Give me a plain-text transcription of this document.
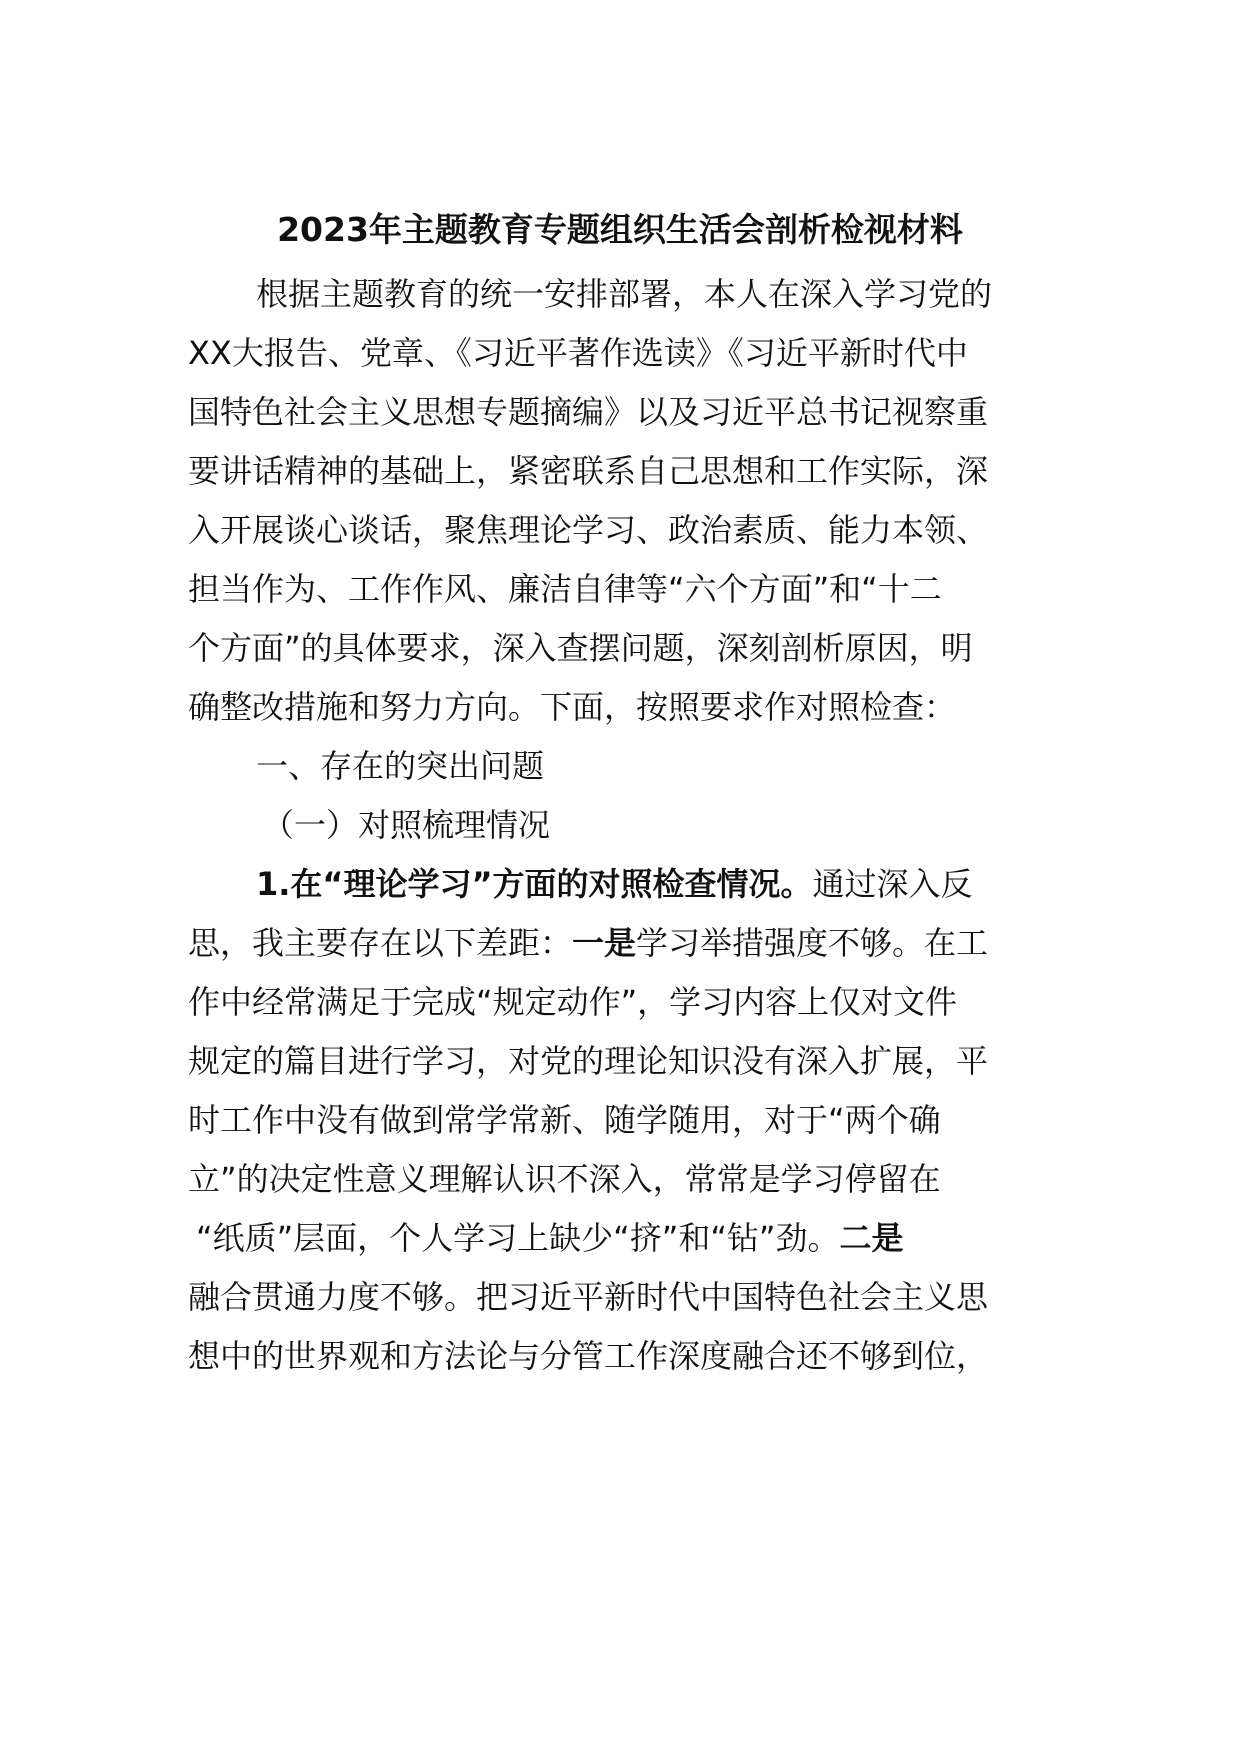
2023年主题教育专题组织生活会剖析检视材料
根据主题教育的统一安排部署，本人在深入学习党的
XX大报告、党章、《习近平著作选读》《习近平新时代中
国特色社会主义思想专题摘编》以及习近平总书记视察重
要讲话精神的基础上，紧密联系自己思想和工作实际，深
入开展谈心谈话，聚焦理论学习、政治素质、能力本领、
担当作为、工作作风、廉洁自律等“六个方面”和“十二
个方面”的具体要求，深入查摆问题，深刻剖析原因，明
确整改措施和努力方向。下面，按照要求作对照检查：
一、存在的突出问题
（一）对照梳理情况
1.在“理论学习”方面的对照检查情况。通过深入反
思，我主要存在以下差距：一是学习举措强度不够。在工
作中经常满足于完成“规定动作”，学习内容上仅对文件
规定的篇目进行学习，对党的理论知识没有深入扩展，平
时工作中没有做到常学常新、随学随用，对于“两个确
立”的决定性意义理解认识不深入，常常是学习停留在
“纸质”层面，个人学习上缺少“挤”和“钻”劲。二是
融合贯通力度不够。把习近平新时代中国特色社会主义思
想中的世界观和方法论与分管工作深度融合还不够到位，
